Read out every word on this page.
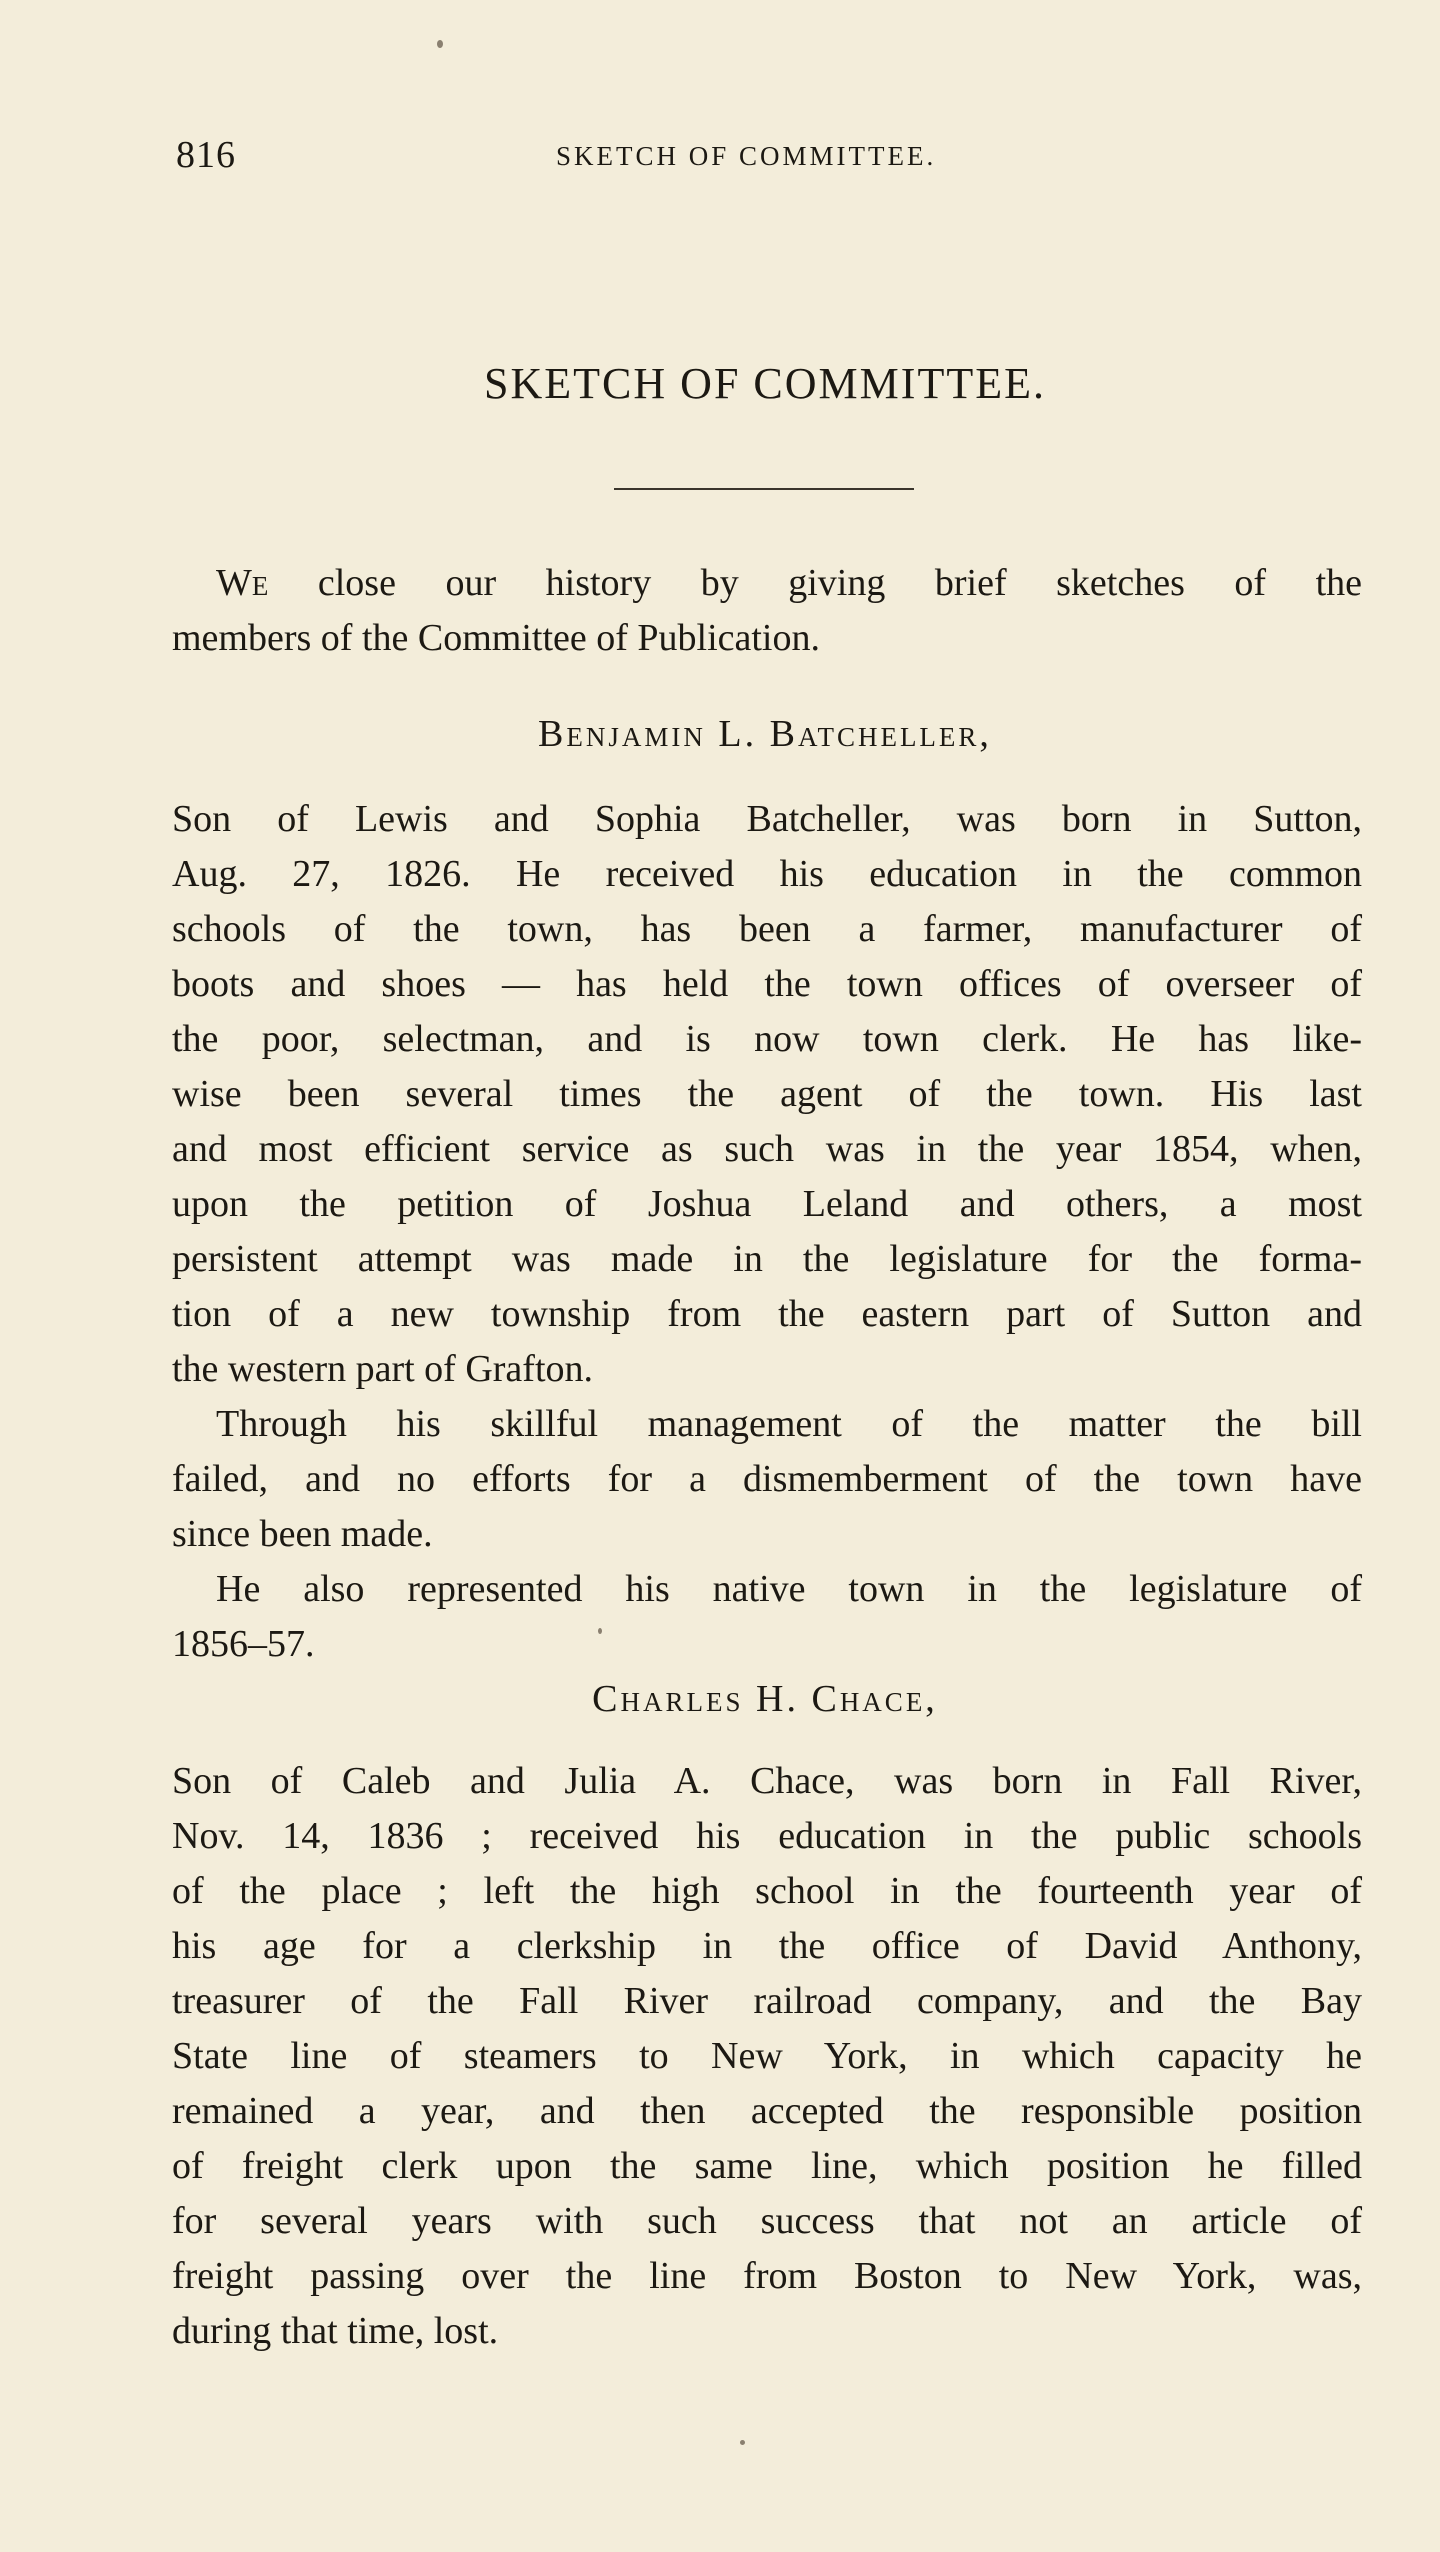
816	SKETCH OF COMMITTEE.
SKETCH OF COMMITTEE.
We close our history by giving brief sketches of the
members of the Committee of Publication.
Benjamin L. Batcheller,
Son of Lewis and Sophia Batcheller, was born in Sutton,
Aug. 27, 1826. He received his education in the common
schools of the town, has been a farmer, manufacturer of
boots and shoes — has held the town offices of overseer of
the poor, selectman, and is now town clerk. He has like-
wise been several times the agent of the town. His last
and most efficient service as such was in the year 1854, when,
upon the petition of Joshua Leland and others, a most
persistent attempt was made in the legislature for the forma-
tion of a new township from the eastern part of Sutton and
the western part of Grafton.
Through his skillful management of the matter the bill
failed, and no efforts for a dismemberment of the town have
since been made.
He also represented his native town in the legislature of
1856–57.
Charles H. Chace,
Son of Caleb and Julia A. Chace, was born in Fall River,
Nov. 14, 1836 ; received his education in the public schools
of the place ; left the high school in the fourteenth year of
his age for a clerkship in the office of David Anthony,
treasurer of the Fall River railroad company, and the Bay
State line of steamers to New York, in which capacity he
remained a year, and then accepted the responsible position
of freight clerk upon the same line, which position he filled
for several years with such success that not an article of
freight passing over the line from Boston to New York, was,
during that time, lost.
